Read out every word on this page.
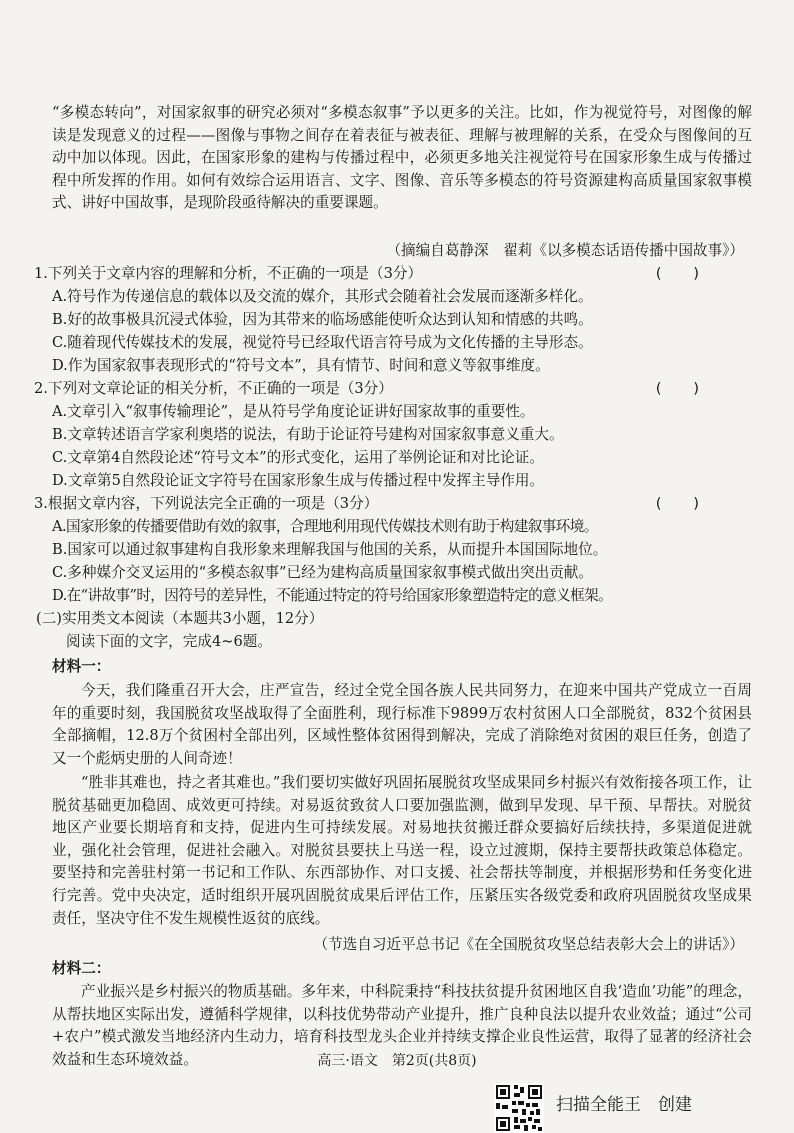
“多模态转向”，对国家叙事的研究必须对“多模态叙事”予以更多的关注。比如，作为视觉符号，对图像的解读是发现意义的过程——图像与事物之间存在着表征与被表征、理解与被理解的关系，在受众与图像间的互动中加以体现。因此，在国家形象的建构与传播过程中，必须更多地关注视觉符号在国家形象生成与传播过程中所发挥的作用。如何有效综合运用语言、文字、图像、音乐等多模态的符号资源建构高质量国家叙事模式、讲好中国故事，是现阶段亟待解决的重要课题。

（摘编自葛静深　翟莉《以多模态话语传播中国故事》）

1.下列关于文章内容的理解和分析，不正确的一项是（3分）	(　　)

A.符号作为传递信息的载体以及交流的媒介，其形式会随着社会发展而逐渐多样化。

B.好的故事极具沉浸式体验，因为其带来的临场感能使听众达到认知和情感的共鸣。

C.随着现代传媒技术的发展，视觉符号已经取代语言符号成为文化传播的主导形态。

D.作为国家叙事表现形式的“符号文本”，具有情节、时间和意义等叙事维度。

2.下列对文章论证的相关分析，不正确的一项是（3分）	(　　)

A.文章引入“叙事传输理论”，是从符号学角度论证讲好国家故事的重要性。

B.文章转述语言学家利奥塔的说法，有助于论证符号建构对国家叙事意义重大。

C.文章第4自然段论述“符号文本”的形式变化，运用了举例论证和对比论证。

D.文章第5自然段论证文字符号在国家形象生成与传播过程中发挥主导作用。

3.根据文章内容，下列说法完全正确的一项是（3分）	(　　)

A.国家形象的传播要借助有效的叙事，合理地利用现代传媒技术则有助于构建叙事环境。

B.国家可以通过叙事建构自我形象来理解我国与他国的关系，从而提升本国国际地位。

C.多种媒介交叉运用的“多模态叙事”已经为建构高质量国家叙事模式做出突出贡献。

D.在“讲故事”时，因符号的差异性，不能通过特定的符号给国家形象塑造特定的意义框架。

(二)实用类文本阅读（本题共3小题，12分）

阅读下面的文字，完成4~6题。

材料一：

今天，我们隆重召开大会，庄严宣告，经过全党全国各族人民共同努力，在迎来中国共产党成立一百周年的重要时刻，我国脱贫攻坚战取得了全面胜利，现行标准下9899万农村贫困人口全部脱贫，832个贫困县全部摘帽，12.8万个贫困村全部出列，区域性整体贫困得到解决，完成了消除绝对贫困的艰巨任务，创造了又一个彪炳史册的人间奇迹！

“胜非其难也，持之者其难也。”我们要切实做好巩固拓展脱贫攻坚成果同乡村振兴有效衔接各项工作，让脱贫基础更加稳固、成效更可持续。对易返贫致贫人口要加强监测，做到早发现、早干预、早帮扶。对脱贫地区产业要长期培育和支持，促进内生可持续发展。对易地扶贫搬迁群众要搞好后续扶持，多渠道促进就业，强化社会管理，促进社会融入。对脱贫县要扶上马送一程，设立过渡期，保持主要帮扶政策总体稳定。要坚持和完善驻村第一书记和工作队、东西部协作、对口支援、社会帮扶等制度，并根据形势和任务变化进行完善。党中央决定，适时组织开展巩固脱贫成果后评估工作，压紧压实各级党委和政府巩固脱贫攻坚成果责任，坚决守住不发生规模性返贫的底线。

（节选自习近平总书记《在全国脱贫攻坚总结表彰大会上的讲话》）

材料二：

产业振兴是乡村振兴的物质基础。多年来，中科院秉持“科技扶贫提升贫困地区自我‘造血’功能”的理念，从帮扶地区实际出发，遵循科学规律，以科技优势带动产业提升，推广良种良法以提升农业效益；通过“公司+农户”模式激发当地经济内生动力，培育科技型龙头企业并持续支撑企业良性运营，取得了显著的经济社会效益和生态环境效益。	高三·语文　第2页(共8页)

扫描全能王　创建
